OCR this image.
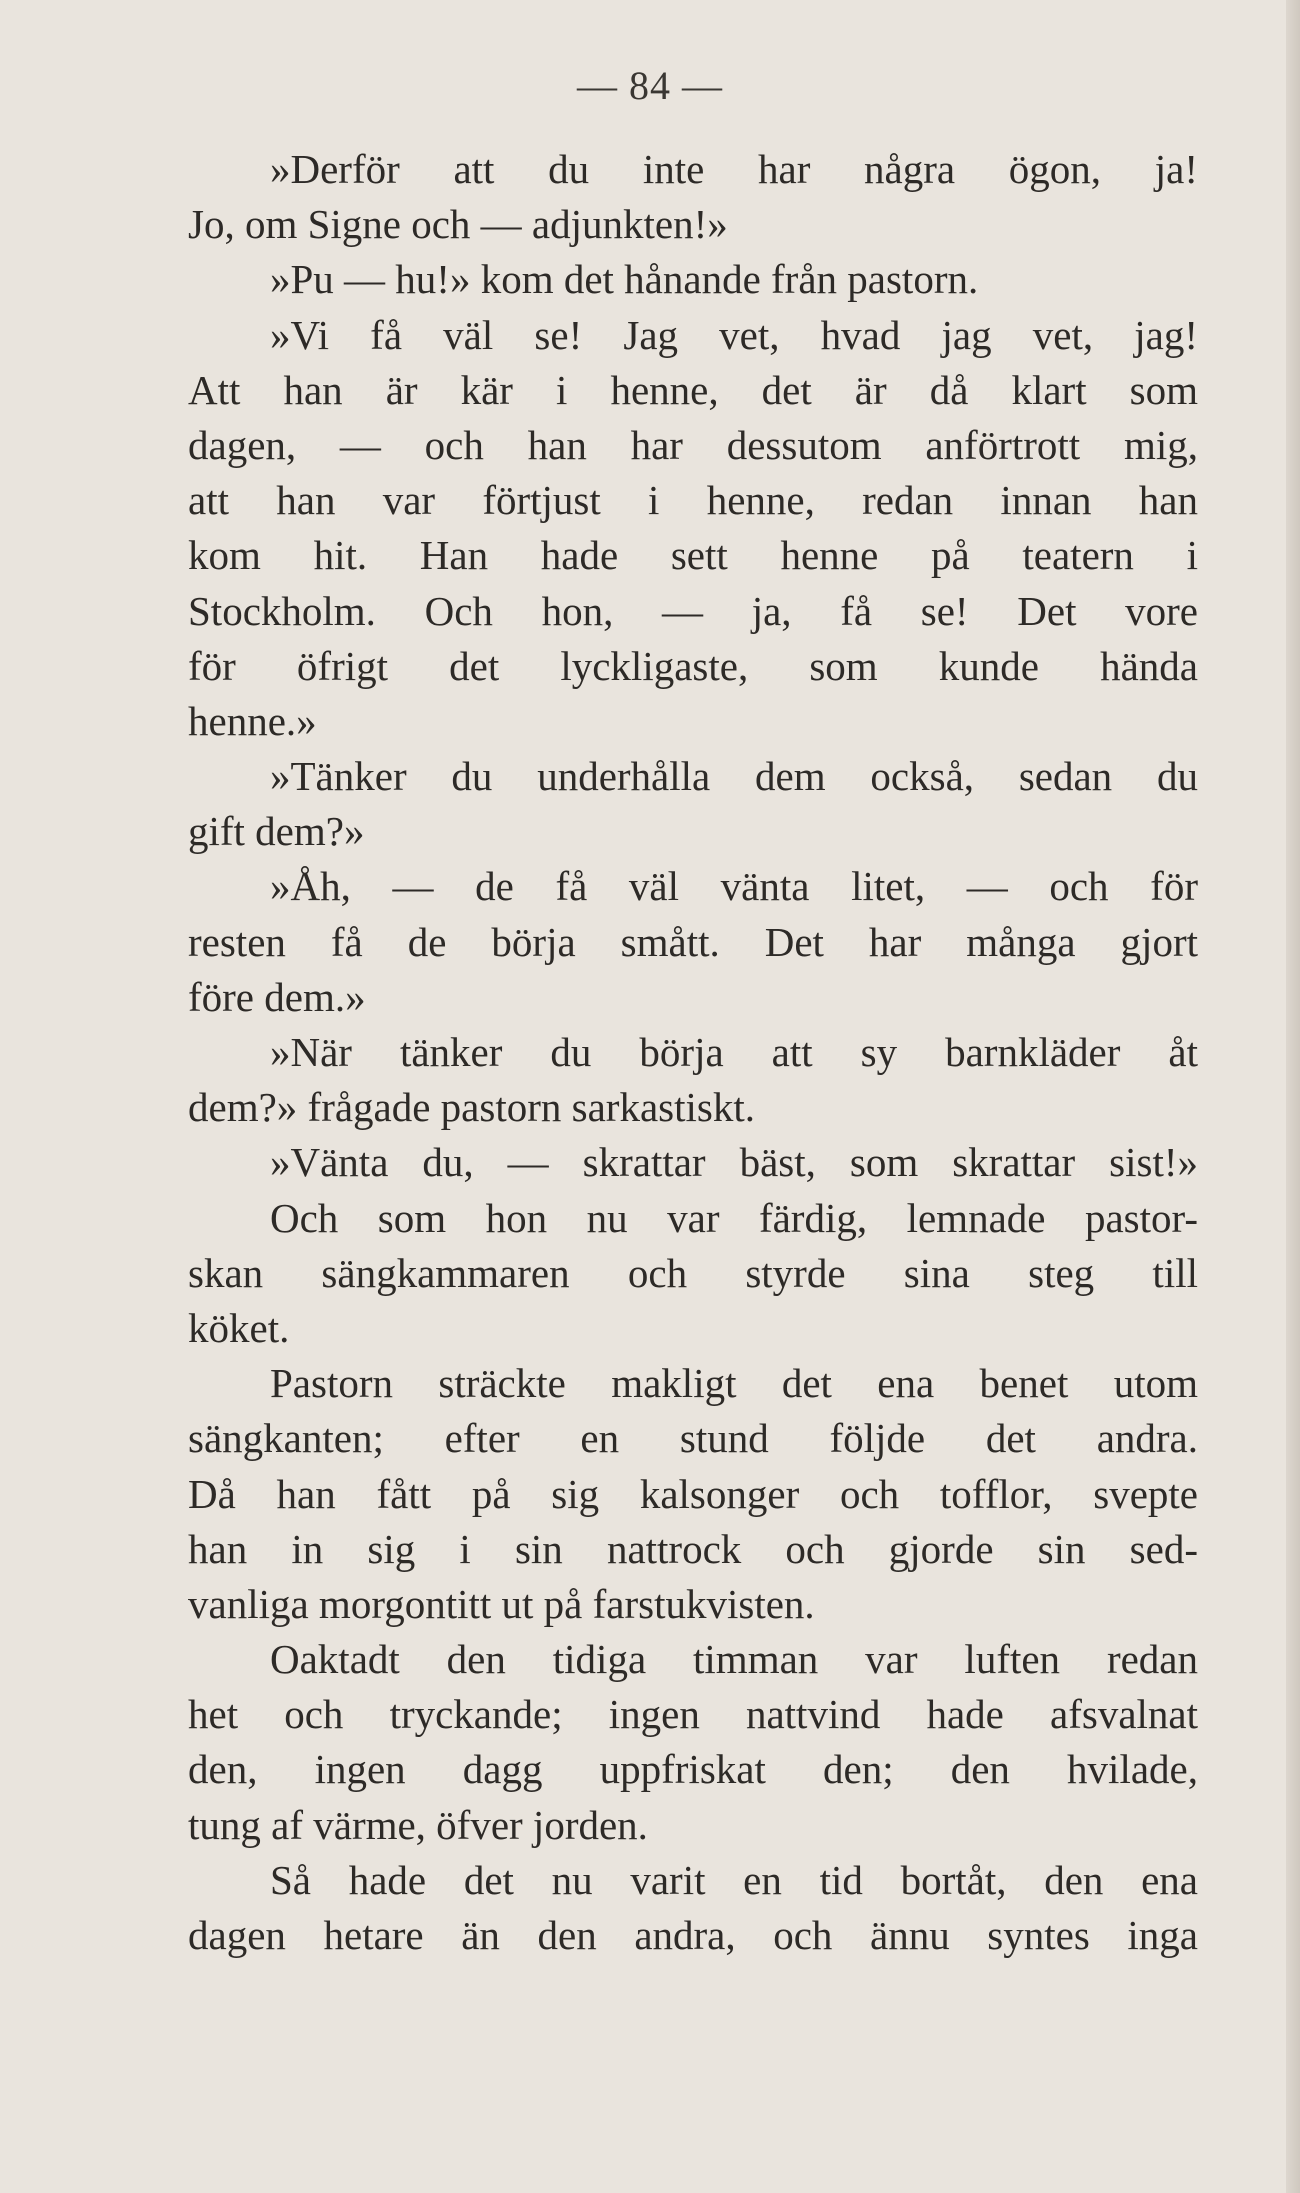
— 84 —
»Derför att du inte har några ögon, ja!
Jo, om Signe och — adjunkten!»
»Pu — hu!» kom det hånande från pastorn.
»Vi få väl se! Jag vet, hvad jag vet, jag!
Att han är kär i henne, det är då klart som
dagen, — och han har dessutom anförtrott mig,
att han var förtjust i henne, redan innan han
kom hit. Han hade sett henne på teatern i
Stockholm. Och hon, — ja, få se! Det vore
för öfrigt det lyckligaste, som kunde hända
henne.»
»Tänker du underhålla dem också, sedan du
gift dem?»
»Åh, — de få väl vänta litet, — och för
resten få de börja smått. Det har många gjort
före dem.»
»När tänker du börja att sy barnkläder åt
dem?» frågade pastorn sarkastiskt.
»Vänta du, — skrattar bäst, som skrattar sist!»
Och som hon nu var färdig, lemnade pastor-
skan sängkammaren och styrde sina steg till
köket.
Pastorn sträckte makligt det ena benet utom
sängkanten; efter en stund följde det andra.
Då han fått på sig kalsonger och tofflor, svepte
han in sig i sin nattrock och gjorde sin sed-
vanliga morgontitt ut på farstukvisten.
Oaktadt den tidiga timman var luften redan
het och tryckande; ingen nattvind hade afsvalnat
den, ingen dagg uppfriskat den; den hvilade,
tung af värme, öfver jorden.
Så hade det nu varit en tid bortåt, den ena
dagen hetare än den andra, och ännu syntes inga
